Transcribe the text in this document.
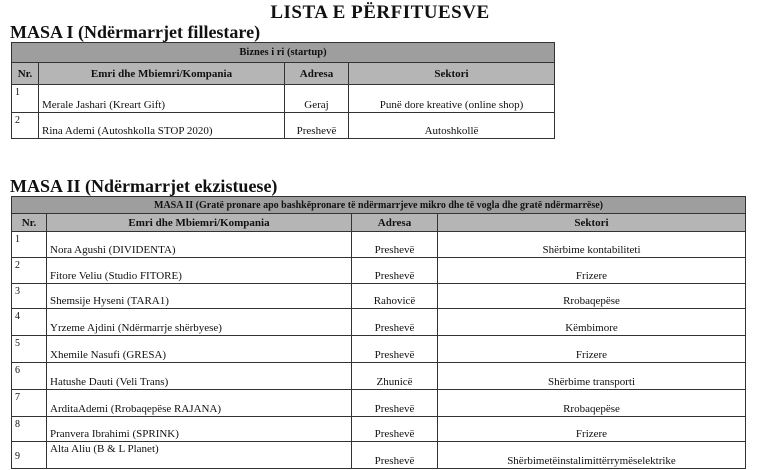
LISTA E PËRFITUESVE
MASA I (Ndërmarrjet fillestare)
Biznes i ri (startup)			
Nr.	Emri dhe Mbiemri/Kompania	Adresa	Sektori
1	Merale Jashari (Kreart Gift)	Geraj	Punë dore kreative (online shop)
2	Rina Ademi (Autoshkolla STOP 2020)	Preshevë	Autoshkollë
MASA II (Ndërmarrjet ekzistuese)
MASA II (Gratë pronare apo bashkëpronare të ndërmarrjeve mikro dhe të vogla dhe gratë ndërmarrëse)			
Nr.	Emri dhe Mbiemri/Kompania	Adresa	Sektori
1	Nora Agushi (DIVIDENTA)	Preshevë	Shërbime kontabiliteti
2	Fitore Veliu (Studio FITORE)	Preshevë	Frizere
3	Shemsije Hyseni (TARA1)	Rahovicë	Rrobaqepëse
4	Yrzeme Ajdini (Ndërmarrje shërbyese)	Preshevë	Këmbimore
5	Xhemile Nasufi (GRESA)	Preshevë	Frizere
6	Hatushe Dauti (Veli Trans)	Zhunicë	Shërbime transporti
7	ArditaAdemi (Rrobaqepëse RAJANA)	Preshevë	Rrobaqepëse
8	Pranvera Ibrahimi (SPRINK)	Preshevë	Frizere
9	Alta Aliu (B & L Planet)	Preshevë	Shërbimetëinstalimittërrymëselektrike
